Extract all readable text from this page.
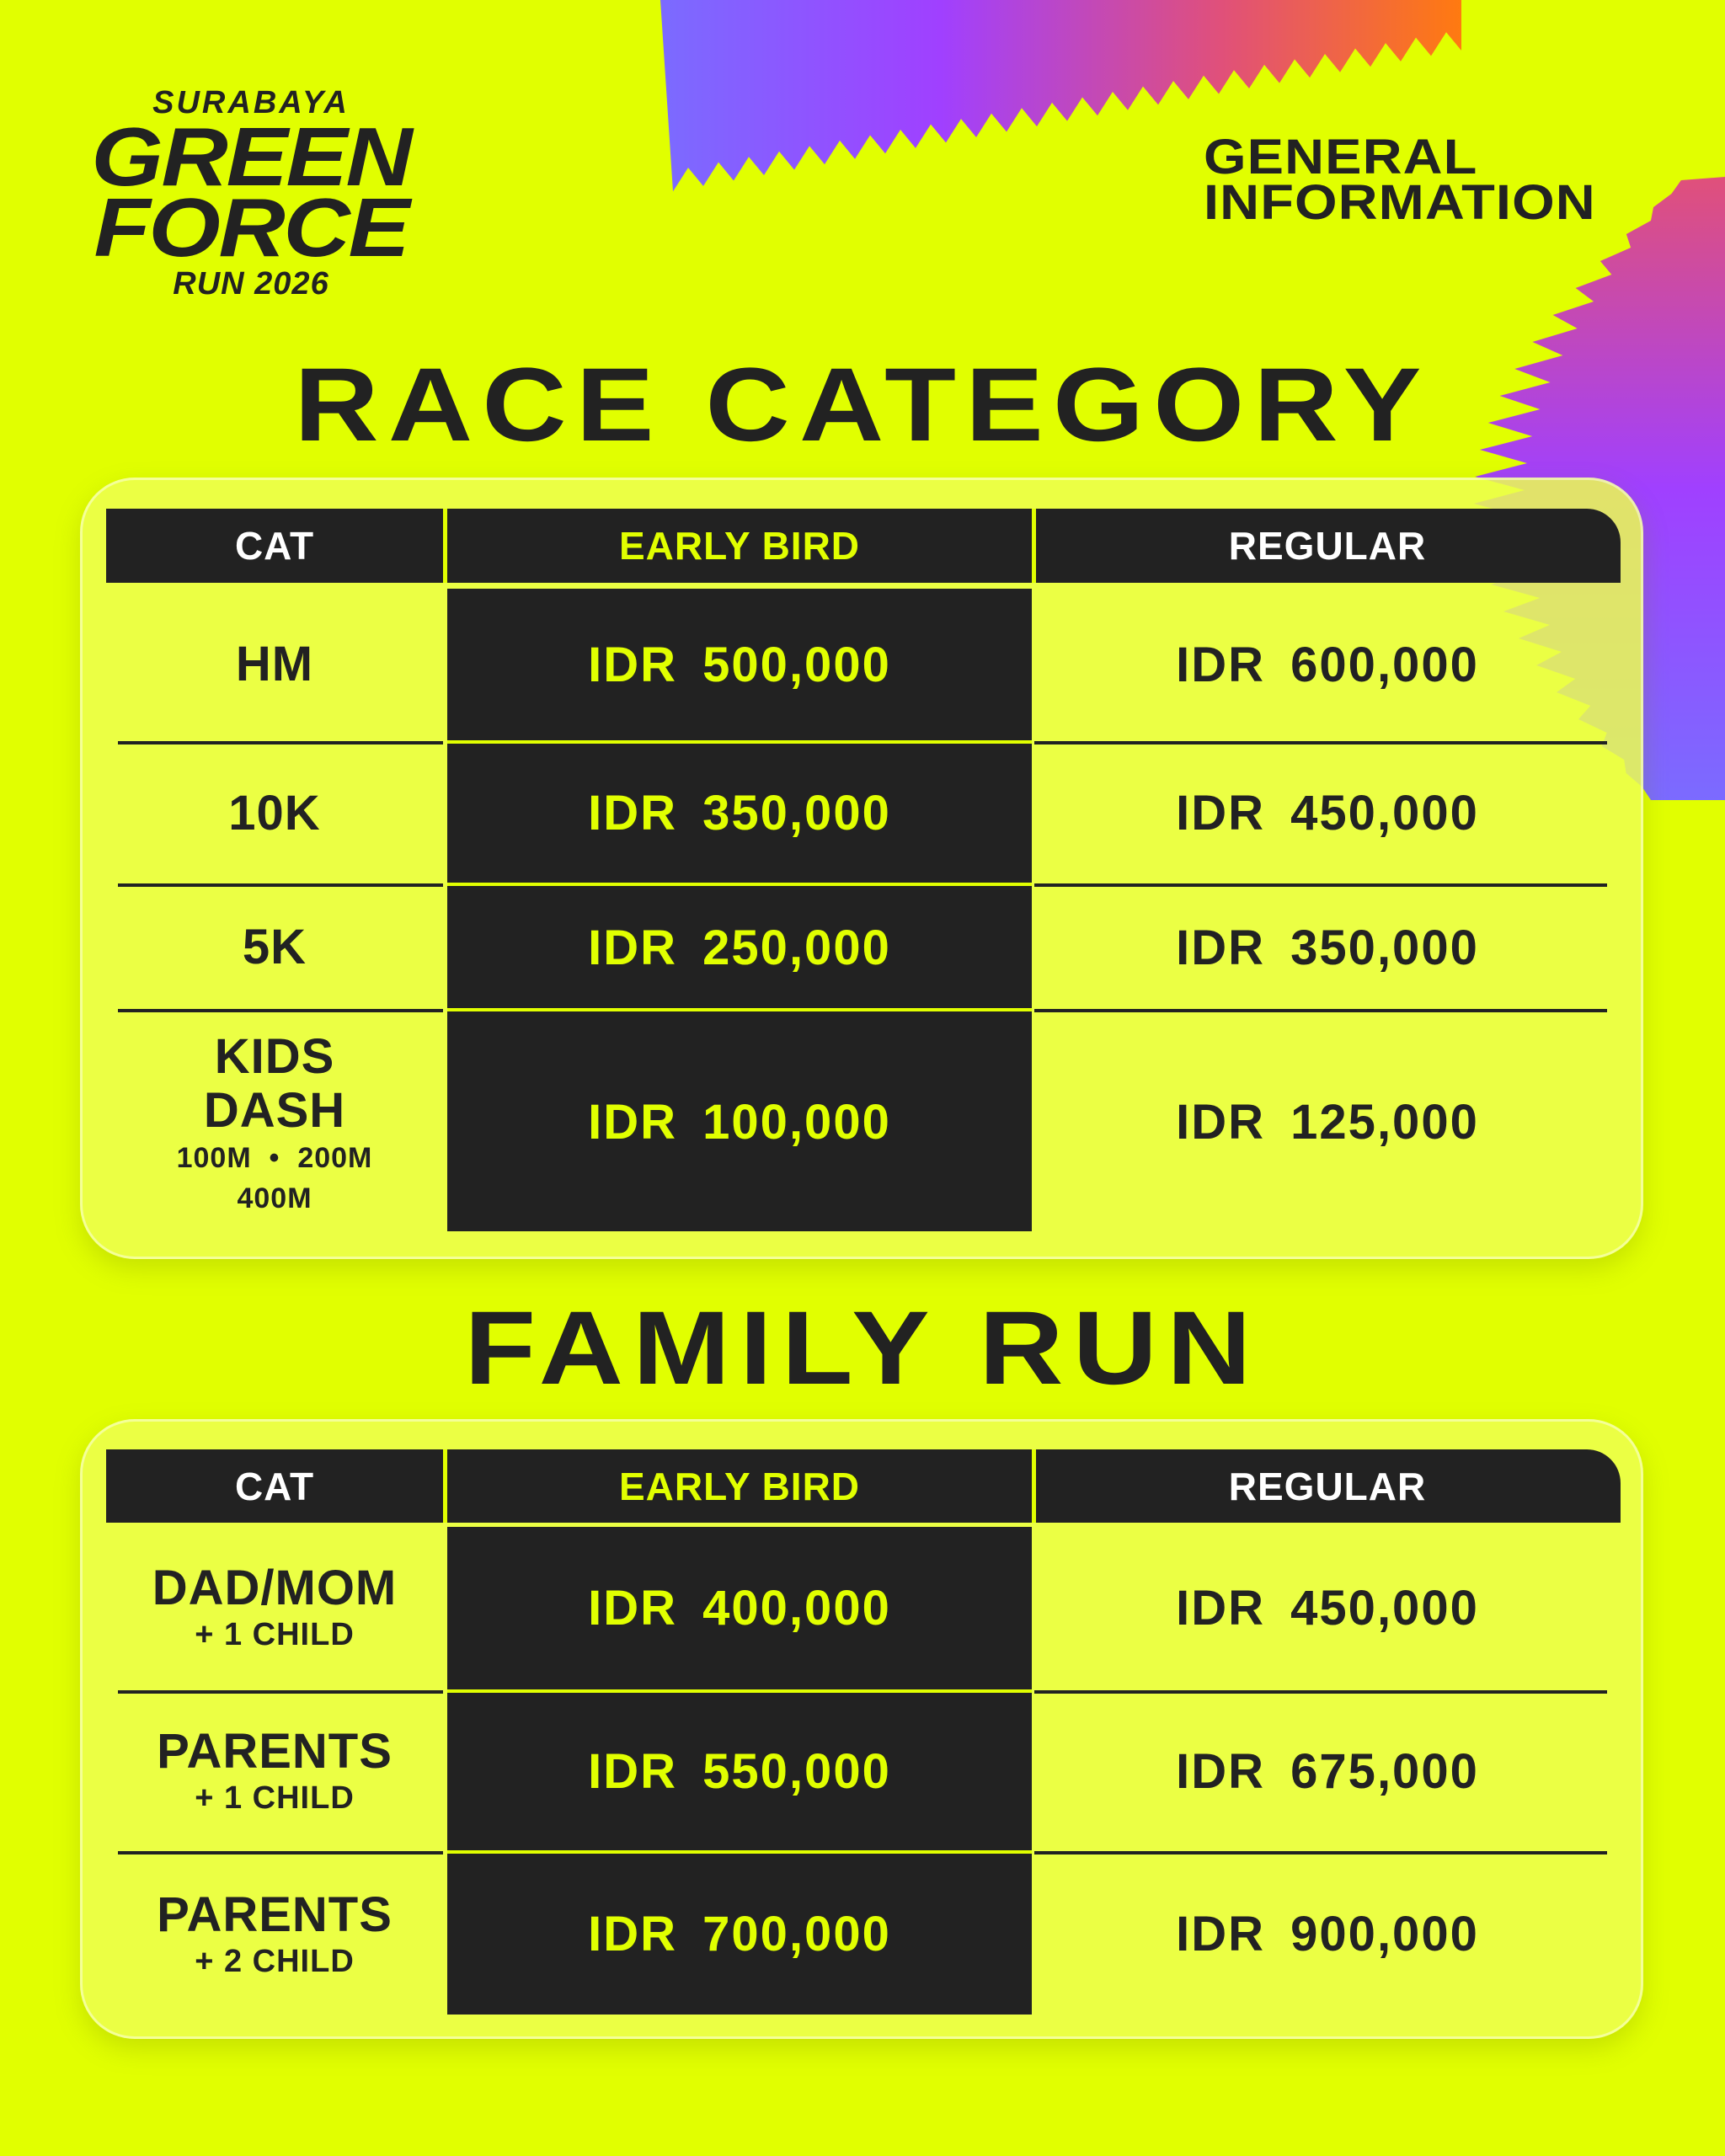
SURABAYA
GREEN
FORCE
RUN 2026
GENERAL
INFORMATION
RACE CATEGORY
CAT	EARLY BIRD	REGULAR
HM	IDR 500,000	IDR 600,000
10K	IDR 350,000	IDR 450,000
5K	IDR 250,000	IDR 350,000
KIDS DASH
100M  •  200M
400M
IDR 100,000	IDR 125,000
FAMILY RUN
CAT	EARLY BIRD	REGULAR
DAD/MOM
+ 1 CHILD	IDR 400,000	IDR 450,000
PARENTS
+ 1 CHILD	IDR 550,000	IDR 675,000
PARENTS
+ 2 CHILD	IDR 700,000	IDR 900,000
